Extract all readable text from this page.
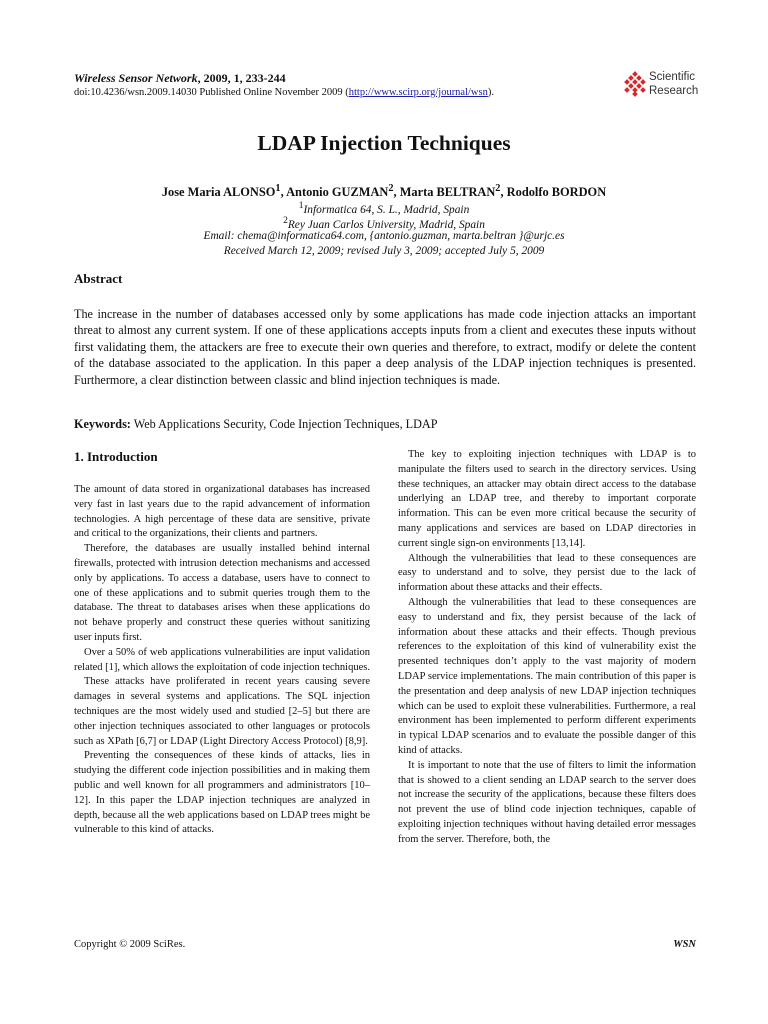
Wireless Sensor Network, 2009, 1, 233-244
doi:10.4236/wsn.2009.14030 Published Online November 2009 (http://www.scirp.org/journal/wsn).
Scientific
Research
LDAP Injection Techniques
Jose Maria ALONSO$^1$, Antonio GUZMAN$^2$, Marta BELTRAN$^2$, Rodolfo BORDON
$^1$Informatica 64, S. L., Madrid, Spain
$^2$Rey Juan Carlos University, Madrid, Spain
Email: chema@informatica64.com, {antonio.guzman, marta.beltran }@urjc.es
Received March 12, 2009; revised July 3, 2009; accepted July 5, 2009
Abstract
The increase in the number of databases accessed only by some applications has made code injection attacks an important threat to almost any current system. If one of these applications accepts inputs from a client and executes these inputs without first validating them, the attackers are free to execute their own queries and therefore, to extract, modify or delete the content of the database associated to the application. In this paper a deep analysis of the LDAP injection techniques is presented. Furthermore, a clear distinction between classic and blind injection techniques is made.
Keywords: Web Applications Security, Code Injection Techniques, LDAP
1. Introduction

The amount of data stored in organizational databases has increased very fast in last years due to the rapid advancement of information technologies. A high percentage of these data are sensitive, private and critical to the organizations, their clients and partners.

Therefore, the databases are usually installed behind internal firewalls, protected with intrusion detection mechanisms and accessed only by applications. To access a database, users have to connect to one of these applications and to submit queries trough them to the database. The threat to databases arises when these applications do not behave properly and construct these queries without sanitizing user inputs first.

Over a 50% of web applications vulnerabilities are input validation related [1], which allows the exploitation of code injection techniques.

These attacks have proliferated in recent years causing severe damages in several systems and applications. The SQL injection techniques are the most widely used and studied [2–5] but there are other injection techniques associated to other languages or protocols such as XPath [6,7] or LDAP (Light Directory Access Protocol) [8,9].

Preventing the consequences of these kinds of attacks, lies in studying the different code injection possibilities and in making them public and well known for all programmers and administrators [10–12]. In this paper the LDAP injection techniques are analyzed in depth, because all the web applications based on LDAP trees might be vulnerable to this kind of attacks.

The key to exploiting injection techniques with LDAP is to manipulate the filters used to search in the directory services. Using these techniques, an attacker may obtain direct access to the database underlying an LDAP tree, and thereby to important corporate information. This can be even more critical because the security of many applications and services are based on LDAP directories in current single sign-on environments [13,14].

Although the vulnerabilities that lead to these consequences are easy to understand and to solve, they persist due to the lack of information about these attacks and their effects.

Although the vulnerabilities that lead to these consequences are easy to understand and fix, they persist because of the lack of information about these attacks and their effects. Though previous references to the exploitation of this kind of vulnerability exist the presented techniques don’t apply to the vast majority of modern LDAP service implementations. The main contribution of this paper is the presentation and deep analysis of new LDAP injection techniques which can be used to exploit these vulnerabilities. Furthermore, a real environment has been implemented to perform different experiments in typical LDAP scenarios and to evaluate the possible danger of this kind of attacks.

It is important to note that the use of filters to limit the information that is showed to a client sending an LDAP search to the server does not increase the security of the applications, because these filters does not prevent the use of blind code injection techniques, capable of exploiting injection techniques without having detailed error messages from the server. Therefore, both, the

Copyright © 2009 SciRes.	WSN
